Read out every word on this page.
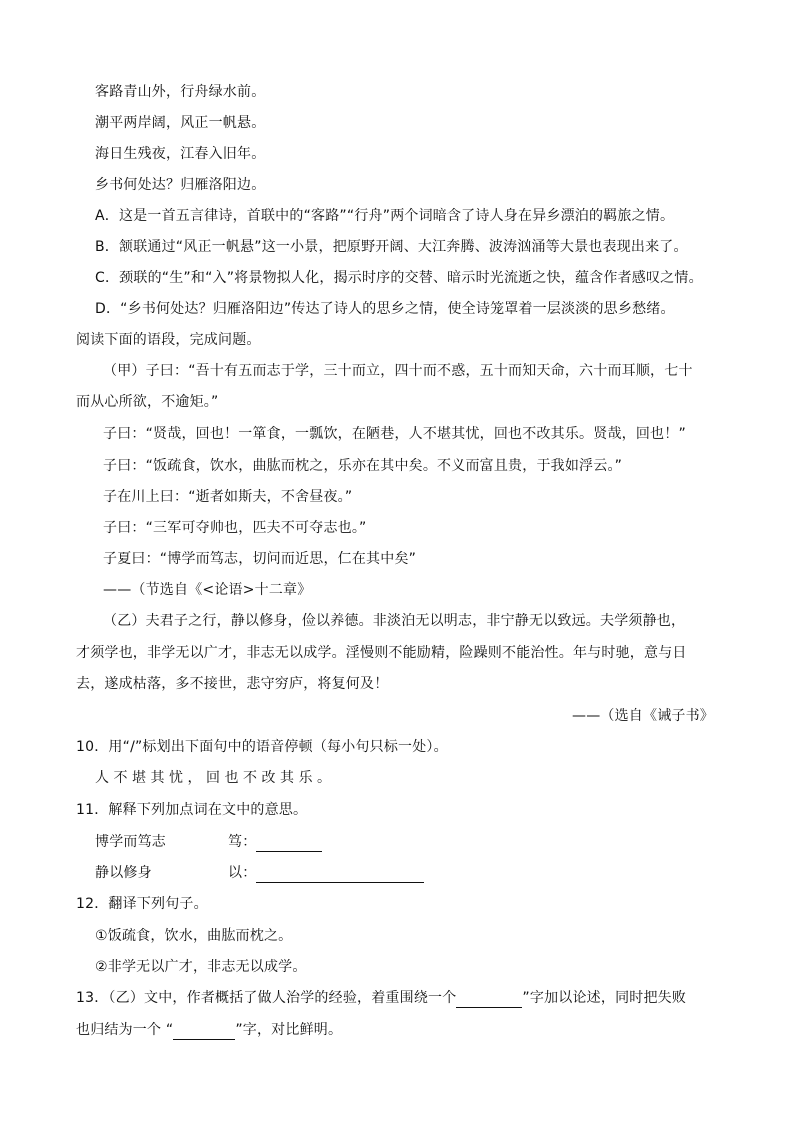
客路青山外，行舟绿水前。
潮平两岸阔，风正一帆悬。
海日生残夜，江春入旧年。
乡书何处达？归雁洛阳边。
A．这是一首五言律诗，首联中的“客路”“行舟”两个词暗含了诗人身在异乡漂泊的羁旅之情。
B．颔联通过“风正一帆悬”这一小景，把原野开阔、大江奔腾、波涛汹涌等大景也表现出来了。
C．颈联的“生”和“入”将景物拟人化，揭示时序的交替、暗示时光流逝之快，蕴含作者感叹之情。
D．“乡书何处达？归雁洛阳边”传达了诗人的思乡之情，使全诗笼罩着一层淡淡的思乡愁绪。
阅读下面的语段，完成问题。
（甲）子曰：“吾十有五而志于学，三十而立，四十而不惑，五十而知天命，六十而耳顺，七十
而从心所欲，不逾矩。”
子曰：“贤哉，回也！一箪食，一瓢饮，在陋巷，人不堪其忧，回也不改其乐。贤哉，回也！”
子曰：“饭疏食，饮水，曲肱而枕之，乐亦在其中矣。不义而富且贵，于我如浮云。”
子在川上曰：“逝者如斯夫，不舍昼夜。”
子曰：“三军可夺帅也，匹夫不可夺志也。”
子夏曰：“博学而笃志，切问而近思，仁在其中矣”
——（节选自《<论语>十二章》
（乙）夫君子之行，静以修身，俭以养德。非淡泊无以明志，非宁静无以致远。夫学须静也，
才须学也，非学无以广才，非志无以成学。淫慢则不能励精，险躁则不能治性。年与时驰，意与日
去，遂成枯落，多不接世，悲守穷庐，将复何及！
——（选自《诫子书》
10．用“/”标划出下面句中的语音停顿（每小句只标一处）。
人不堪其忧，回也不改其乐。
11．解释下列加点词在文中的意思。
博学而笃志	笃：
静以修身	以：
12．翻译下列句子。
①饭疏食，饮水，曲肱而枕之。
②非学无以广才，非志无以成学。
13．（乙）文中，作者概括了做人治学的经验，着重围绕一个	”字加以论述，同时把失败
也归结为一个 “	”字，对比鲜明。
